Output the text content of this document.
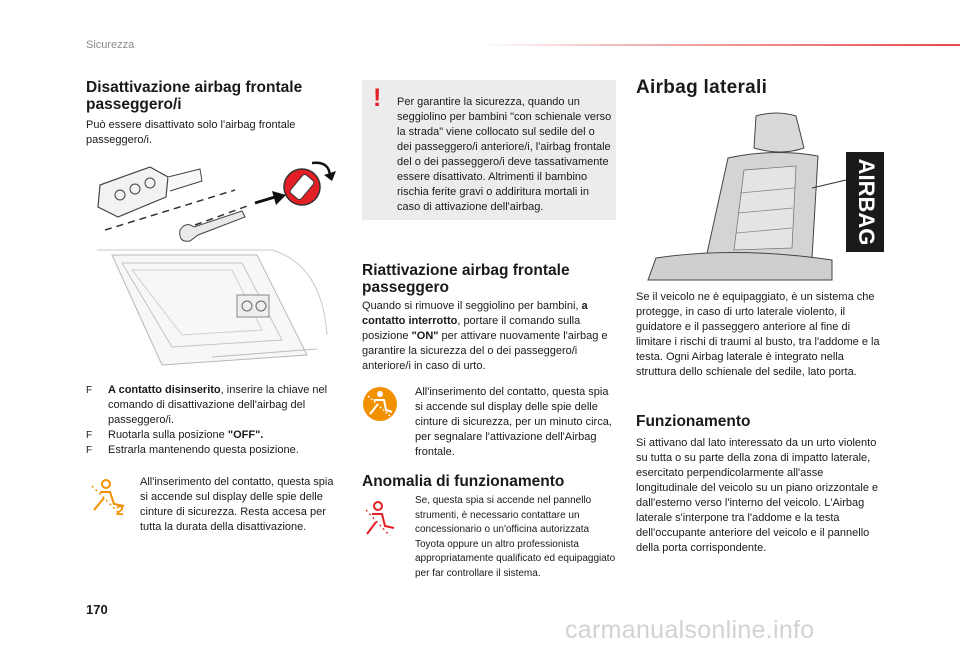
Sicurezza
Disattivazione airbag frontale passeggero/i

Può essere disattivato solo l'airbag frontale passeggero/i.

F A contatto disinserito, inserire la chiave nel comando di disattivazione dell'airbag del passeggero/i.
F Ruotarla sulla posizione "OFF".
F Estrarla mantenendo questa posizione.
2

All'inserimento del contatto, questa spia si accende sul display delle spie delle cinture di sicurezza. Resta accesa per tutta la durata della disattivazione.

! Per garantire la sicurezza, quando un seggiolino per bambini "con schienale verso la strada" viene collocato sul sedile del o dei passeggero/i anteriore/i, l'airbag frontale del o dei passeggero/i deve tassativamente essere disattivato. Altrimenti il bambino rischia ferite gravi o addiritura mortali in caso di attivazione dell'airbag.

Riattivazione airbag frontale passeggero

Quando si rimuove il seggiolino per bambini, a contatto interrotto, portare il comando sulla posizione "ON" per attivare nuovamente l'airbag e garantire la sicurezza del o dei passeggero/i anteriore/i in caso di urto.

All'inserimento del contatto, questa spia si accende sul display delle spie delle cinture di sicurezza, per un minuto circa, per segnalare l'attivazione dell'Airbag frontale.

Anomalia di funzionamento

Se, questa spia si accende nel pannello strumenti, è necessario contattare un concessionario o un'officina autorizzata Toyota oppure un altro professionista appropriatamente qualificato ed equipaggiato per far controllare il sistema.

Airbag laterali
AIRBAG

Se il veicolo ne è equipaggiato, è un sistema che protegge, in caso di urto laterale violento, il guidatore e il passeggero anteriore al fine di limitare i rischi di traumi al busto, tra l'addome e la testa. Ogni Airbag laterale è integrato nella struttura dello schienale del sedile, lato porta.

Funzionamento

Si attivano dal lato interessato da un urto violento su tutta o su parte della zona di impatto laterale, esercitato perpendicolarmente all'asse longitudinale del veicolo su un piano orizzontale e dall'esterno verso l'interno del veicolo. L'Airbag laterale s'interpone tra l'addome e la testa dell'occupante anteriore del veicolo e il pannello della porta corrispondente.

170
carmanualsonline.info
